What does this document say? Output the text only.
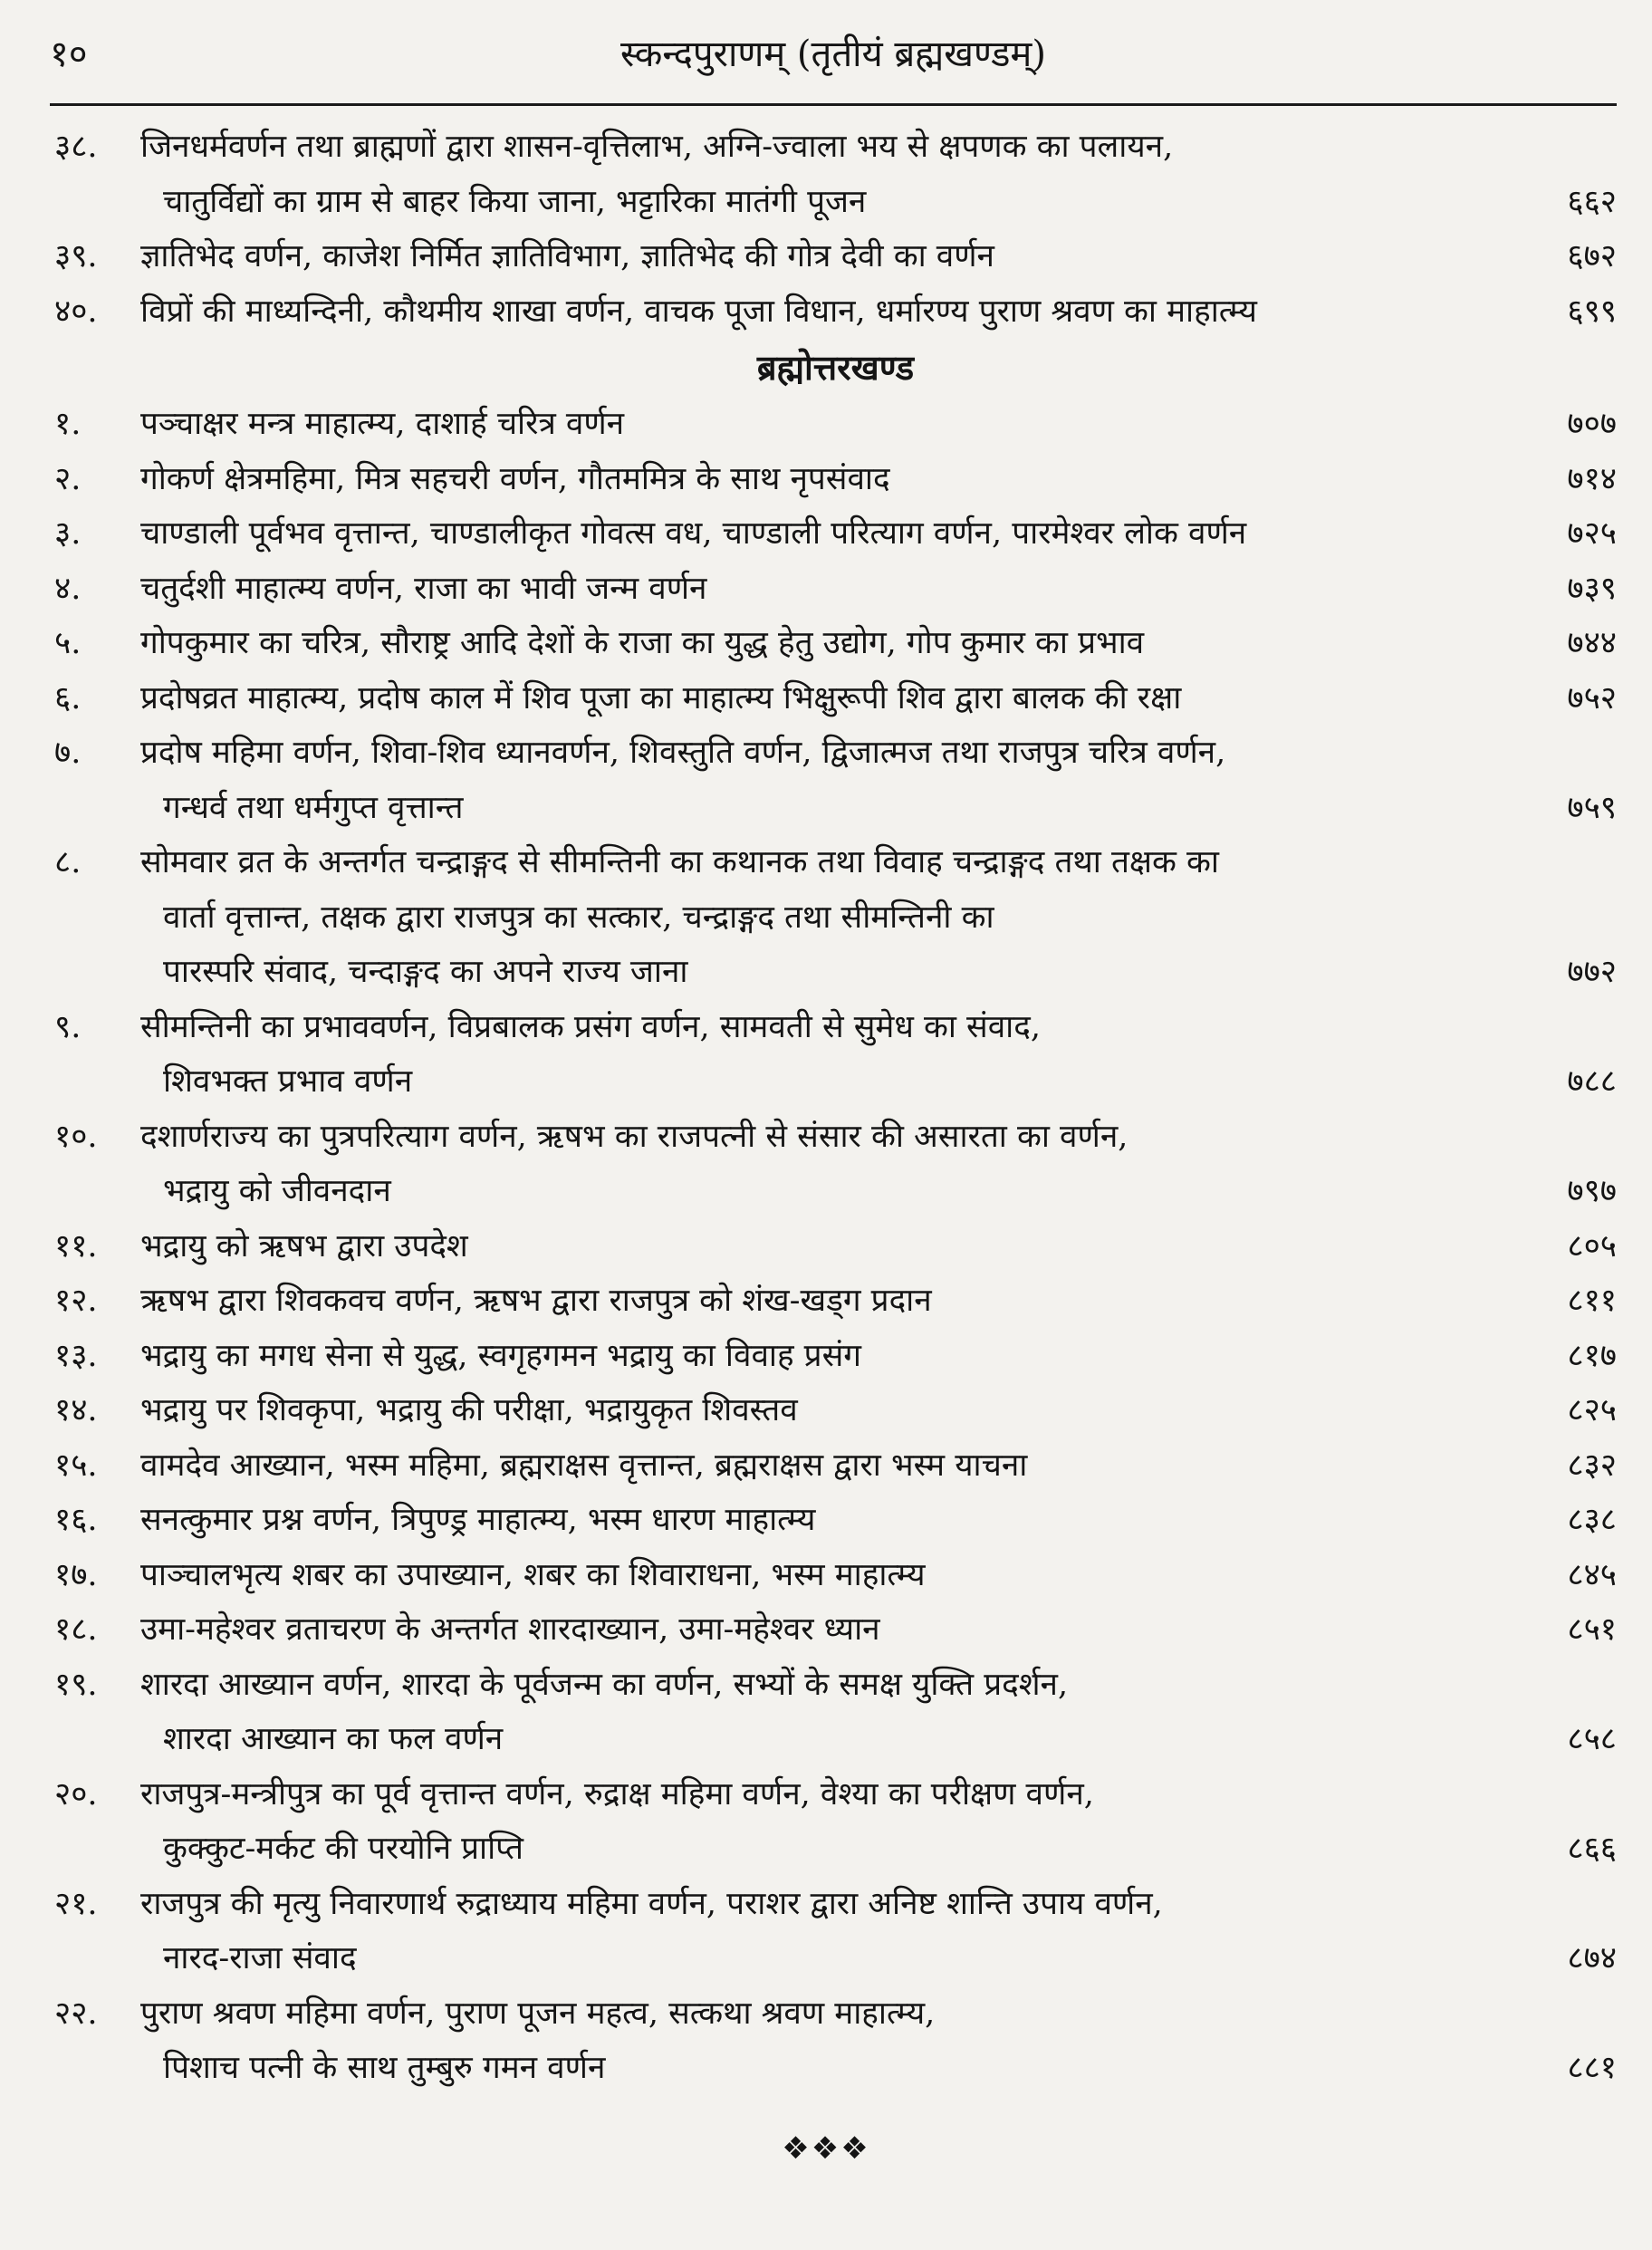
१०	स्कन्दपुराणम् (तृतीयं ब्रह्मखण्डम्)
३८. जिनधर्मवर्णन तथा ब्राह्मणों द्वारा शासन-वृत्तिलाभ, अग्नि-ज्वाला भय से क्षपणक का पलायन,
चातुर्विद्यों का ग्राम से बाहर किया जाना, भट्टारिका मातंगी पूजन	६६२
३९. ज्ञातिभेद वर्णन, काजेश निर्मित ज्ञातिविभाग, ज्ञातिभेद की गोत्र देवी का वर्णन	६७२
४०. विप्रों की माध्यन्दिनी, कौथमीय शाखा वर्णन, वाचक पूजा विधान, धर्मारण्य पुराण श्रवण का माहात्म्य	६९९
ब्रह्मोत्तरखण्ड
१. पञ्चाक्षर मन्त्र माहात्म्य, दाशार्ह चरित्र वर्णन	७०७
२. गोकर्ण क्षेत्रमहिमा, मित्र सहचरी वर्णन, गौतममित्र के साथ नृपसंवाद	७१४
३. चाण्डाली पूर्वभव वृत्तान्त, चाण्डालीकृत गोवत्स वध, चाण्डाली परित्याग वर्णन, पारमेश्वर लोक वर्णन	७२५
४. चतुर्दशी माहात्म्य वर्णन, राजा का भावी जन्म वर्णन	७३९
५. गोपकुमार का चरित्र, सौराष्ट्र आदि देशों के राजा का युद्ध हेतु उद्योग, गोप कुमार का प्रभाव	७४४
६. प्रदोषव्रत माहात्म्य, प्रदोष काल में शिव पूजा का माहात्म्य भिक्षुरूपी शिव द्वारा बालक की रक्षा	७५२
७. प्रदोष महिमा वर्णन, शिवा-शिव ध्यानवर्णन, शिवस्तुति वर्णन, द्विजात्मज तथा राजपुत्र चरित्र वर्णन,
गन्धर्व तथा धर्मगुप्त वृत्तान्त	७५९
८. सोमवार व्रत के अन्तर्गत चन्द्राङ्गद से सीमन्तिनी का कथानक तथा विवाह चन्द्राङ्गद तथा तक्षक का
वार्ता वृत्तान्त, तक्षक द्वारा राजपुत्र का सत्कार, चन्द्राङ्गद तथा सीमन्तिनी का
पारस्परि संवाद, चन्दाङ्गद का अपने राज्य जाना	७७२
९. सीमन्तिनी का प्रभाववर्णन, विप्रबालक प्रसंग वर्णन, सामवती से सुमेध का संवाद,
शिवभक्त प्रभाव वर्णन	७८८
१०. दशार्णराज्य का पुत्रपरित्याग वर्णन, ऋषभ का राजपत्नी से संसार की असारता का वर्णन,
भद्रायु को जीवनदान	७९७
११. भद्रायु को ऋषभ द्वारा उपदेश	८०५
१२. ऋषभ द्वारा शिवकवच वर्णन, ऋषभ द्वारा राजपुत्र को शंख-खड्ग प्रदान	८११
१३. भद्रायु का मगध सेना से युद्ध, स्वगृहगमन भद्रायु का विवाह प्रसंग	८१७
१४. भद्रायु पर शिवकृपा, भद्रायु की परीक्षा, भद्रायुकृत शिवस्तव	८२५
१५. वामदेव आख्यान, भस्म महिमा, ब्रह्मराक्षस वृत्तान्त, ब्रह्मराक्षस द्वारा भस्म याचना	८३२
१६. सनत्कुमार प्रश्न वर्णन, त्रिपुण्ड्र माहात्म्य, भस्म धारण माहात्म्य	८३८
१७. पाञ्चालभृत्य शबर का उपाख्यान, शबर का शिवाराधना, भस्म माहात्म्य	८४५
१८. उमा-महेश्वर व्रताचरण के अन्तर्गत शारदाख्यान, उमा-महेश्वर ध्यान	८५१
१९. शारदा आख्यान वर्णन, शारदा के पूर्वजन्म का वर्णन, सभ्यों के समक्ष युक्ति प्रदर्शन,
शारदा आख्यान का फल वर्णन	८५८
२०. राजपुत्र-मन्त्रीपुत्र का पूर्व वृत्तान्त वर्णन, रुद्राक्ष महिमा वर्णन, वेश्या का परीक्षण वर्णन,
कुक्कुट-मर्कट की परयोनि प्राप्ति	८६६
२१. राजपुत्र की मृत्यु निवारणार्थ रुद्राध्याय महिमा वर्णन, पराशर द्वारा अनिष्ट शान्ति उपाय वर्णन,
नारद-राजा संवाद	८७४
२२. पुराण श्रवण महिमा वर्णन, पुराण पूजन महत्व, सत्कथा श्रवण माहात्म्य,
पिशाच पत्नी के साथ तुम्बुरु गमन वर्णन	८८१
❖❖❖
